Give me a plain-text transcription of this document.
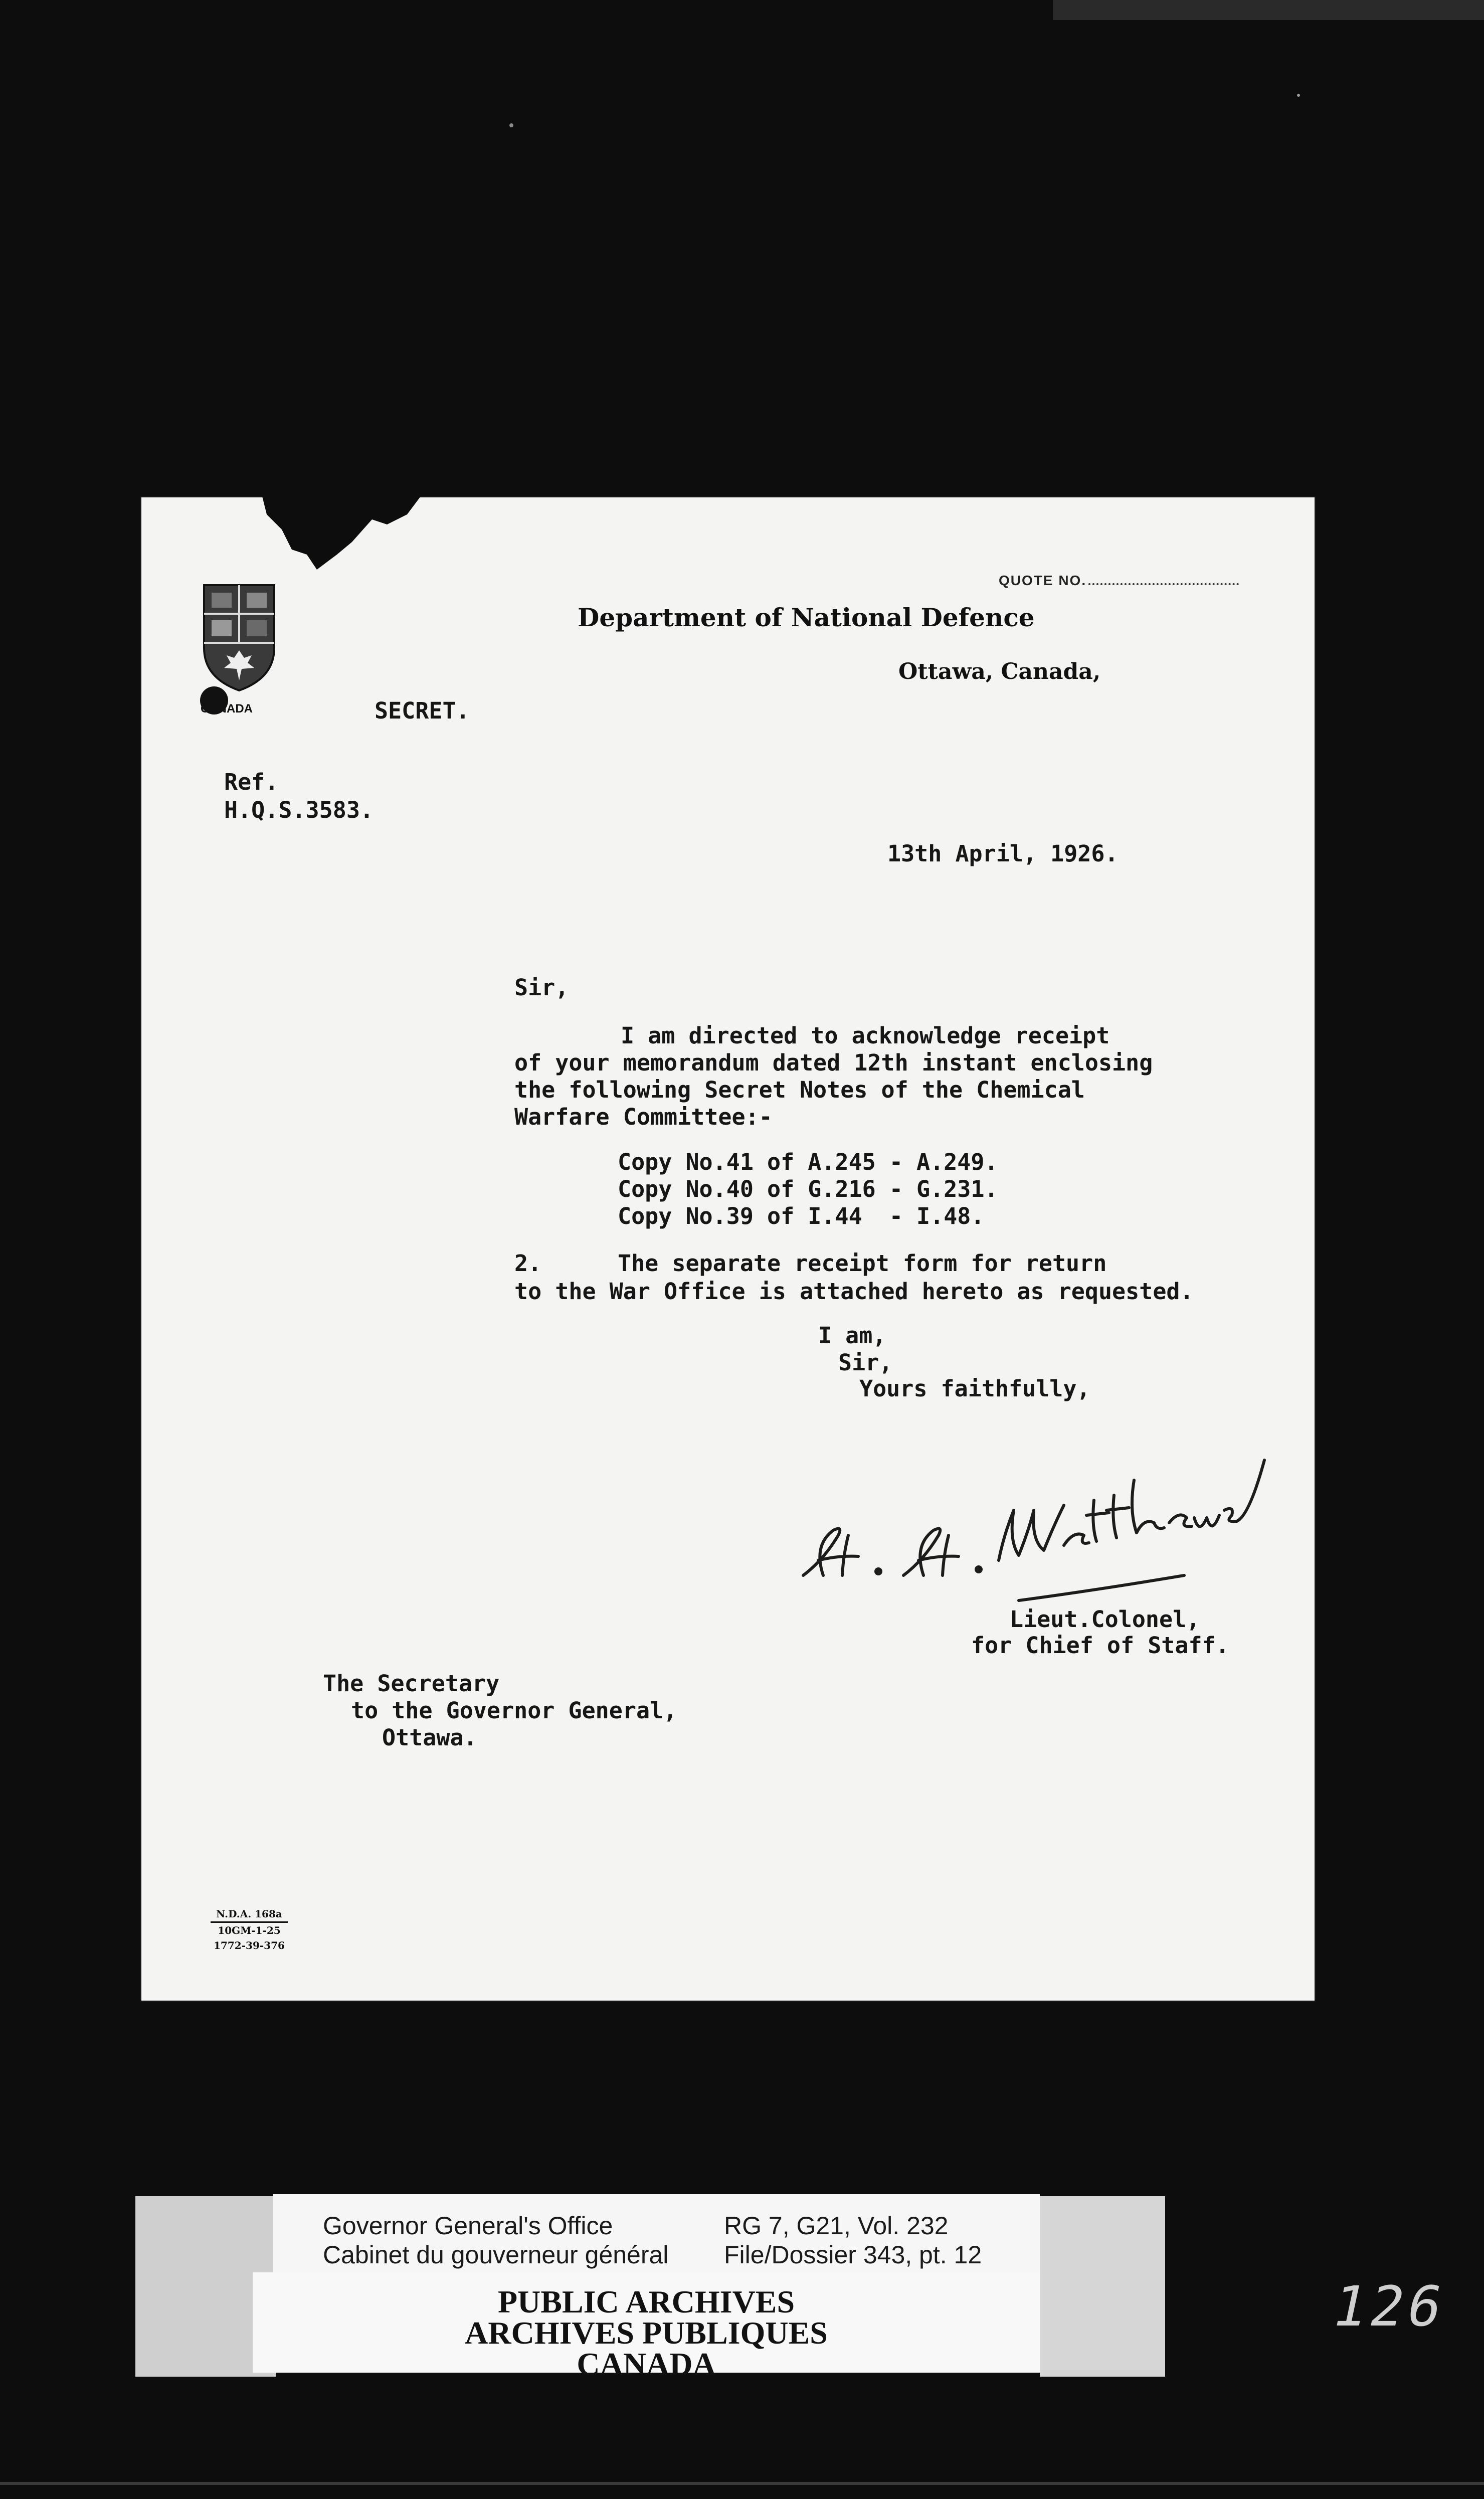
QUOTE NO.
CANADA
Department of National Defence
Ottawa, Canada,
SECRET.
Ref.
H.Q.S.3583.
13th April, 1926.
Sir,
I am directed to acknowledge receipt
of your memorandum dated 12th instant enclosing
the following Secret Notes of the Chemical
Warfare Committee:-
Copy No.41 of A.245 - A.249.
Copy No.40 of G.216 - G.231.
Copy No.39 of I.44  - I.48.
2.	The separate receipt form for return
to the War Office is attached hereto as requested.
I am,
Sir,
Yours faithfully,
Lieut.Colonel,
for Chief of Staff.
The Secretary
to the Governor General,
Ottawa.
N.D.A. 168a
10GM-1-25
1772-39-376
Governor General's Office
Cabinet du gouverneur général
RG 7, G21, Vol. 232
File/Dossier 343, pt. 12
PUBLIC ARCHIVES
ARCHIVES PUBLIQUES
CANADA
126
